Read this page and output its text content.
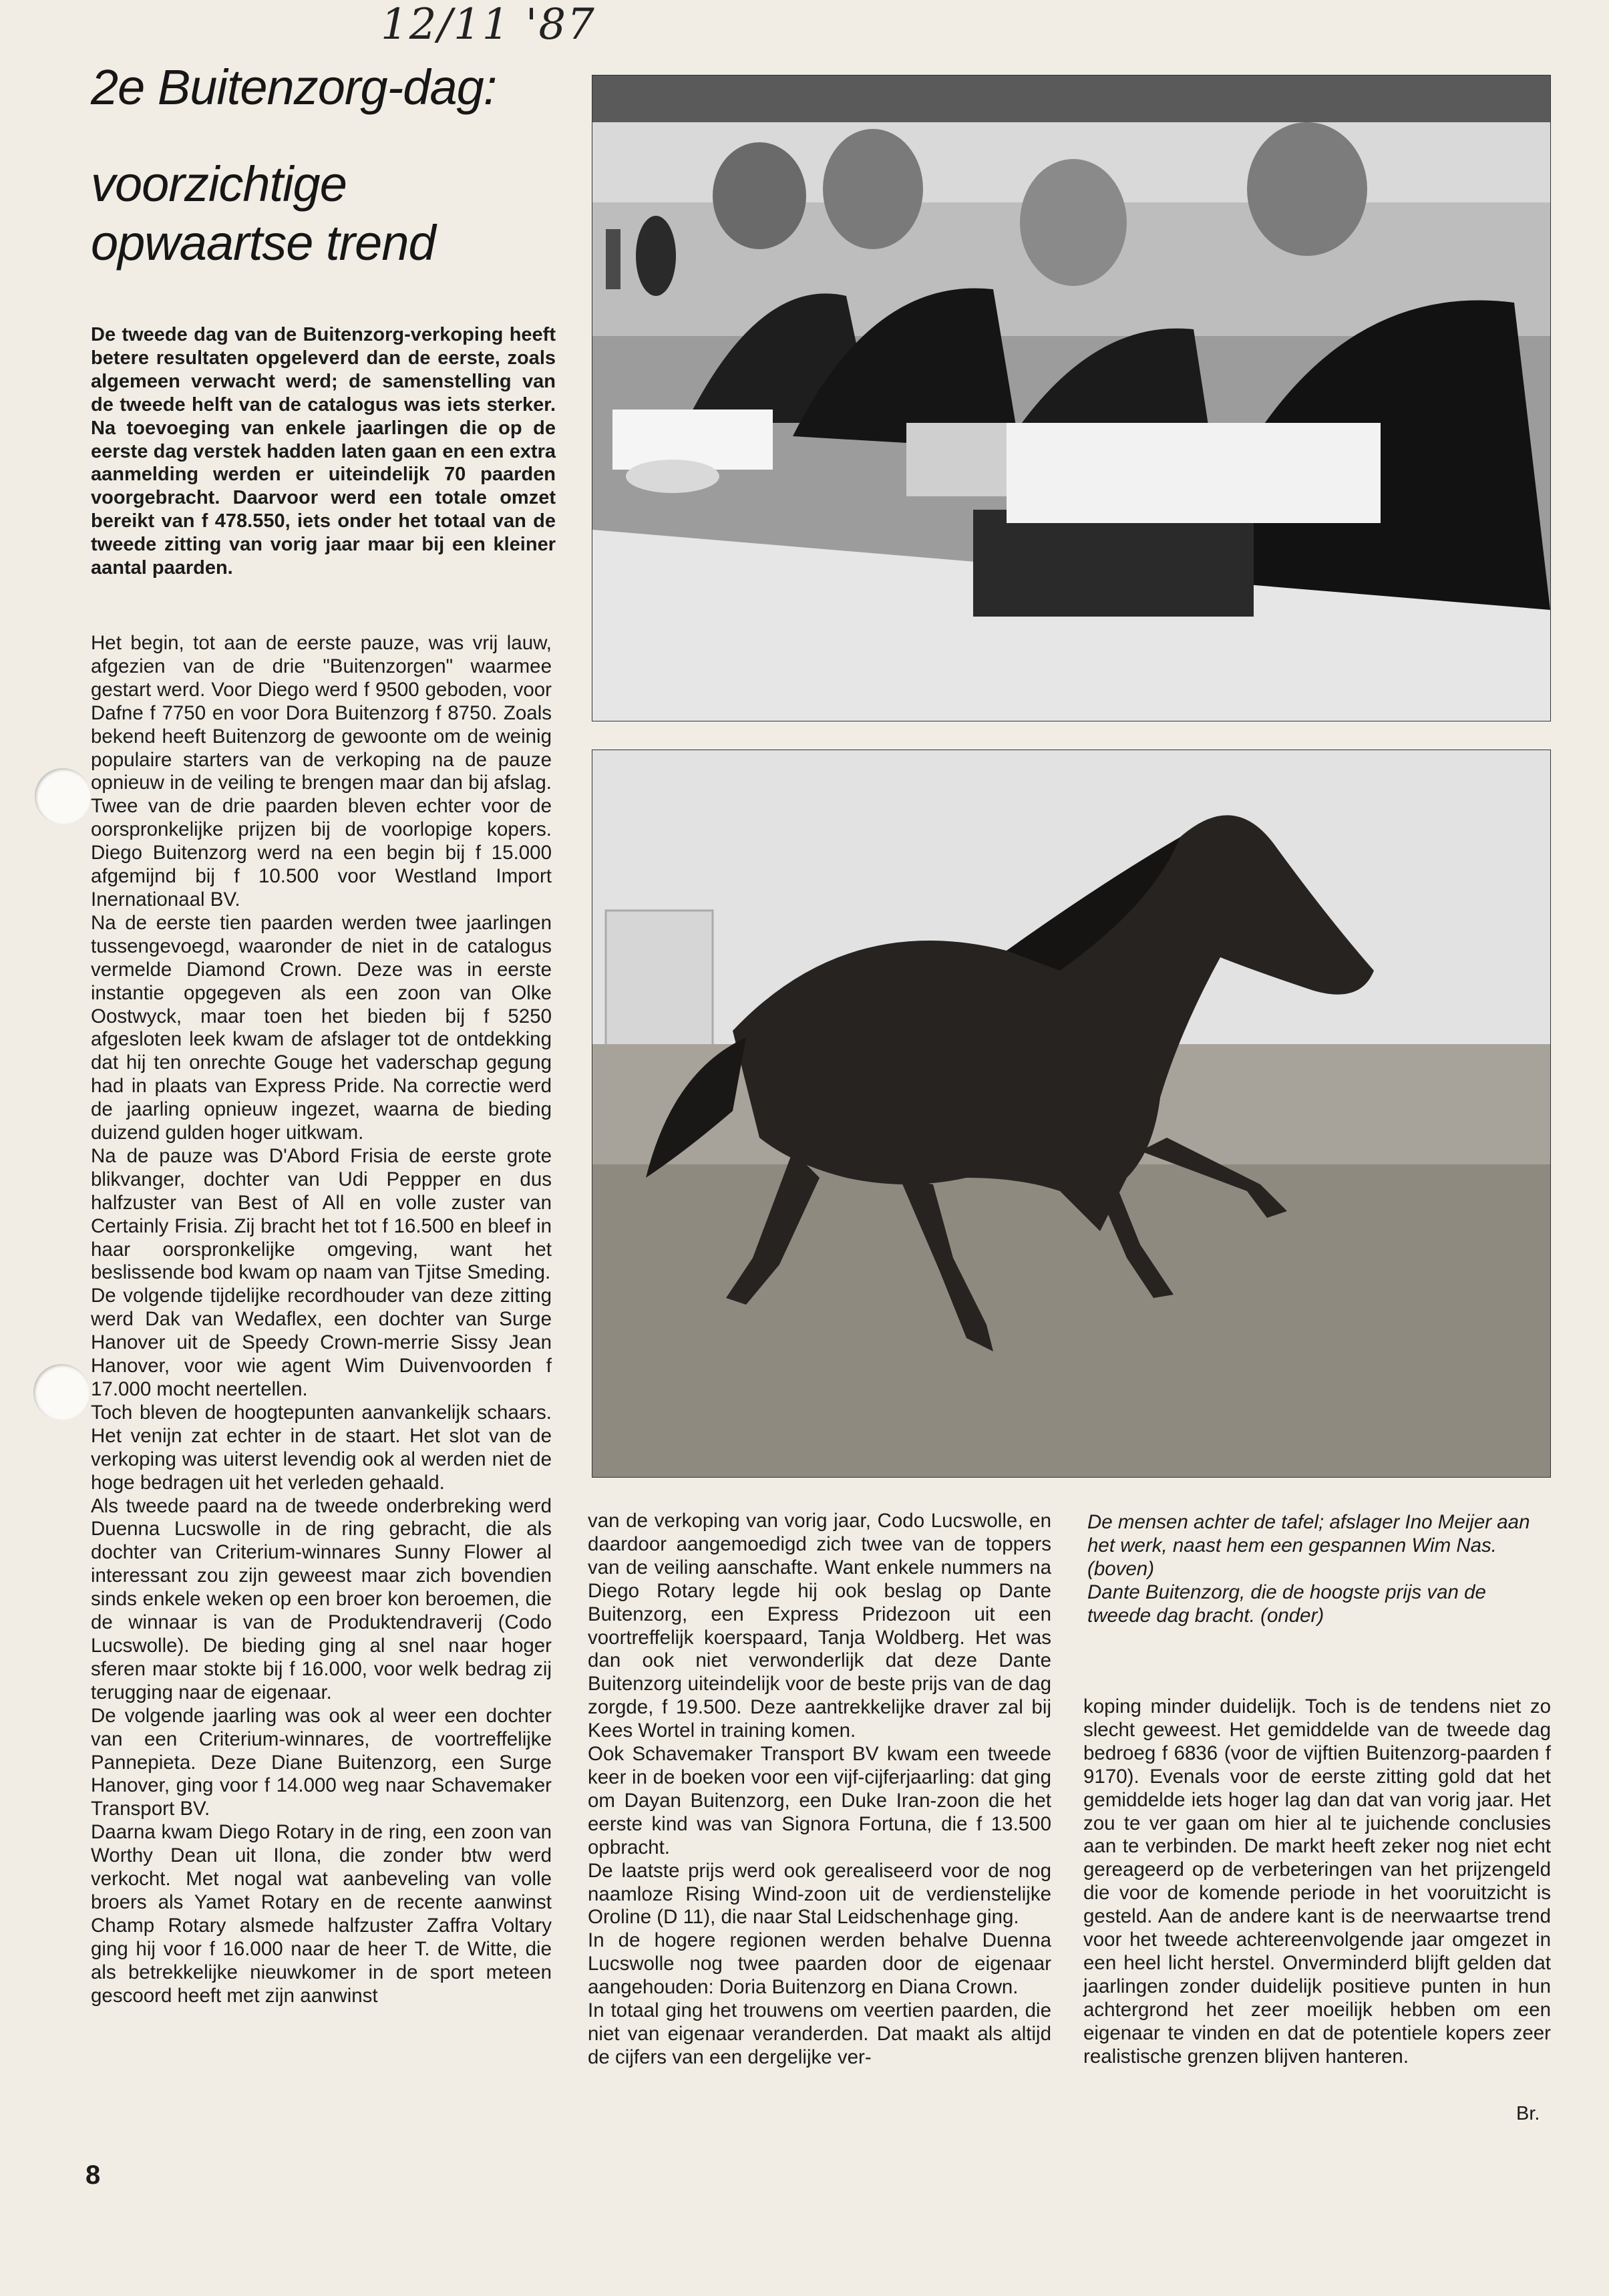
12/11 '87
2e Buitenzorg-dag:
voorzichtige opwaartse trend
De tweede dag van de Buitenzorg-verkoping heeft betere resultaten opgeleverd dan de eerste, zoals algemeen verwacht werd; de samenstelling van de tweede helft van de catalogus was iets sterker. Na toevoeging van enkele jaarlingen die op de eerste dag verstek hadden laten gaan en een extra aanmelding werden er uiteindelijk 70 paarden voorgebracht. Daarvoor werd een totale omzet bereikt van f 478.550, iets onder het totaal van de tweede zitting van vorig jaar maar bij een kleiner aantal paarden.

Het begin, tot aan de eerste pauze, was vrij lauw, afgezien van de drie "Buitenzorgen" waarmee gestart werd. Voor Diego werd f 9500 geboden, voor Dafne f 7750 en voor Dora Buitenzorg f 8750. Zoals bekend heeft Buitenzorg de gewoonte om de weinig populaire starters van de verkoping na de pauze opnieuw in de veiling te brengen maar dan bij afslag. Twee van de drie paarden bleven echter voor de oorspronkelijke prijzen bij de voorlopige kopers. Diego Buitenzorg werd na een begin bij f 15.000 afgemijnd bij f 10.500 voor Westland Import Inernationaal BV.

Na de eerste tien paarden werden twee jaarlingen tussengevoegd, waaronder de niet in de catalogus vermelde Diamond Crown. Deze was in eerste instantie opgegeven als een zoon van Olke Oostwyck, maar toen het bieden bij f 5250 afgesloten leek kwam de afslager tot de ontdekking dat hij ten onrechte Gouge het vaderschap gegung had in plaats van Express Pride. Na correctie werd de jaarling opnieuw ingezet, waarna de bieding duizend gulden hoger uitkwam.

Na de pauze was D'Abord Frisia de eerste grote blikvanger, dochter van Udi Peppper en dus halfzuster van Best of All en volle zuster van Certainly Frisia. Zij bracht het tot f 16.500 en bleef in haar oorspronkelijke omgeving, want het beslissende bod kwam op naam van Tjitse Smeding.

De volgende tijdelijke recordhouder van deze zitting werd Dak van Wedaflex, een dochter van Surge Hanover uit de Speedy Crown-merrie Sissy Jean Hanover, voor wie agent Wim Duivenvoorden f 17.000 mocht neertellen.

Toch bleven de hoogtepunten aanvankelijk schaars. Het venijn zat echter in de staart. Het slot van de verkoping was uiterst levendig ook al werden niet de hoge bedragen uit het verleden gehaald.

Als tweede paard na de tweede onderbreking werd Duenna Lucswolle in de ring gebracht, die als dochter van Criterium-winnares Sunny Flower al interessant zou zijn geweest maar zich bovendien sinds enkele weken op een broer kon beroemen, die de winnaar is van de Produktendraverij (Codo Lucswolle). De bieding ging al snel naar hoger sferen maar stokte bij f 16.000, voor welk bedrag zij terugging naar de eigenaar.

De volgende jaarling was ook al weer een dochter van een Criterium-winnares, de voortreffelijke Pannepieta. Deze Diane Buitenzorg, een Surge Hanover, ging voor f 14.000 weg naar Schavemaker Transport BV.

Daarna kwam Diego Rotary in de ring, een zoon van Worthy Dean uit Ilona, die zonder btw werd verkocht. Met nogal wat aanbeveling van volle broers als Yamet Rotary en de recente aanwinst Champ Rotary alsmede halfzuster Zaffra Voltary ging hij voor f 16.000 naar de heer T. de Witte, die als betrekkelijke nieuwkomer in de sport meteen gescoord heeft met zijn aanwinst

van de verkoping van vorig jaar, Codo Lucswolle, en daardoor aangemoedigd zich twee van de toppers van de veiling aanschafte. Want enkele nummers na Diego Rotary legde hij ook beslag op Dante Buitenzorg, een Express Pridezoon uit een voortreffelijk koerspaard, Tanja Woldberg. Het was dan ook niet verwonderlijk dat deze Dante Buitenzorg uiteindelijk voor de beste prijs van de dag zorgde, f 19.500. Deze aantrekkelijke draver zal bij Kees Wortel in training komen.

Ook Schavemaker Transport BV kwam een tweede keer in de boeken voor een vijf-cijferjaarling: dat ging om Dayan Buitenzorg, een Duke Iran-zoon die het eerste kind was van Signora Fortuna, die f 13.500 opbracht.

De laatste prijs werd ook gerealiseerd voor de nog naamloze Rising Wind-zoon uit de verdienstelijke Oroline (D 11), die naar Stal Leidschenhage ging.

In de hogere regionen werden behalve Duenna Lucswolle nog twee paarden door de eigenaar aangehouden: Doria Buitenzorg en Diana Crown.

In totaal ging het trouwens om veertien paarden, die niet van eigenaar veranderden. Dat maakt als altijd de cijfers van een dergelijke ver-

De mensen achter de tafel; afslager Ino Meijer aan het werk, naast hem een gespannen Wim Nas. (boven)

Dante Buitenzorg, die de hoogste prijs van de tweede dag bracht. (onder)

koping minder duidelijk. Toch is de tendens niet zo slecht geweest. Het gemiddelde van de tweede dag bedroeg f 6836 (voor de vijftien Buitenzorg-paarden f 9170). Evenals voor de eerste zitting gold dat het gemiddelde iets hoger lag dan dat van vorig jaar. Het zou te ver gaan om hier al te juichende conclusies aan te verbinden. De markt heeft zeker nog niet echt gereageerd op de verbeteringen van het prijzengeld die voor de komende periode in het vooruitzicht is gesteld. Aan de andere kant is de neerwaartse trend voor het tweede achtereenvolgende jaar omgezet in een heel licht herstel. Onverminderd blijft gelden dat jaarlingen zonder duidelijk positieve punten in hun achtergrond het zeer moeilijk hebben om een eigenaar te vinden en dat de potentiele kopers zeer realistische grenzen blijven hanteren.

Br.
8
